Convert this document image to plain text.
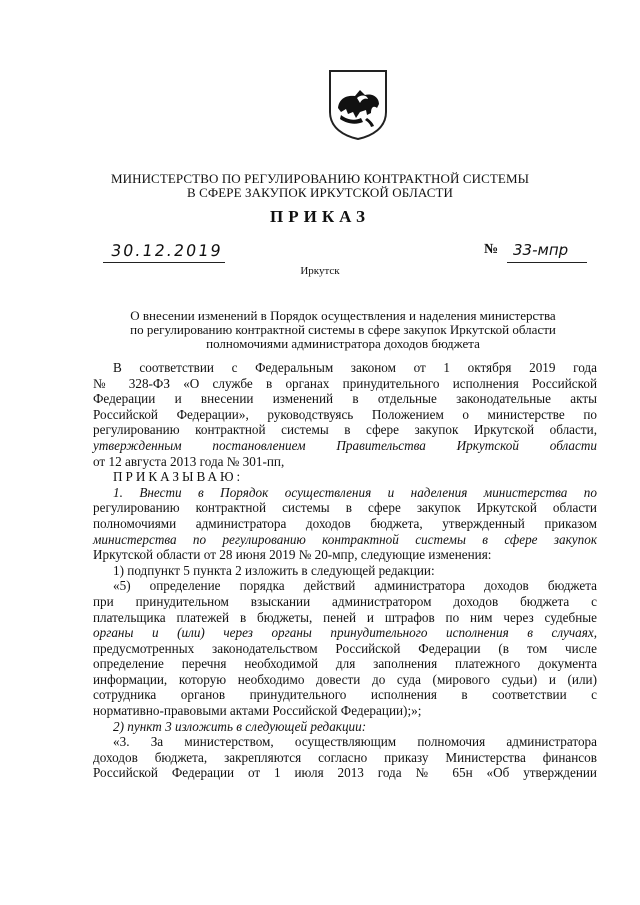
МИНИСТЕРСТВО ПО РЕГУЛИРОВАНИЮ КОНТРАКТНОЙ СИСТЕМЫ
В СФЕРЕ ЗАКУПОК ИРКУТСКОЙ ОБЛАСТИ
ПРИКАЗ
30.12.2019	№ 33-мпр
Иркутск
О внесении изменений в Порядок осуществления и наделения министерства
по регулированию контрактной системы в сфере закупок Иркутской области
полномочиями администратора доходов бюджета
В соответствии с Федеральным законом от 1 октября 2019 года
№ 328-ФЗ «О службе в органах принудительного исполнения Российской
Федерации и внесении изменений в отдельные законодательные акты
Российской Федерации», руководствуясь Положением о министерстве по
регулированию контрактной системы в сфере закупок Иркутской области,
утвержденным постановлением Правительства Иркутской области
от 12 августа 2013 года № 301-пп,
ПРИКАЗЫВАЮ:
1. Внести в Порядок осуществления и наделения министерства по
регулированию контрактной системы в сфере закупок Иркутской области
полномочиями администратора доходов бюджета, утвержденный приказом
министерства по регулированию контрактной системы в сфере закупок
Иркутской области от 28 июня 2019 № 20-мпр, следующие изменения:
1) подпункт 5 пункта 2 изложить в следующей редакции:
«5) определение порядка действий администратора доходов бюджета
при принудительном взыскании администратором доходов бюджета с
плательщика платежей в бюджеты, пеней и штрафов по ним через судебные
органы и (или) через органы принудительного исполнения в случаях,
предусмотренных законодательством Российской Федерации (в том числе
определение перечня необходимой для заполнения платежного документа
информации, которую необходимо довести до суда (мирового судьи) и (или)
сотрудника органов принудительного исполнения в соответствии с
нормативно-правовыми актами Российской Федерации);»;
2) пункт 3 изложить в следующей редакции:
«3. За министерством, осуществляющим полномочия администратора
доходов бюджета, закрепляются согласно приказу Министерства финансов
Российской Федерации от 1 июля 2013 года № 65н «Об утверждении
